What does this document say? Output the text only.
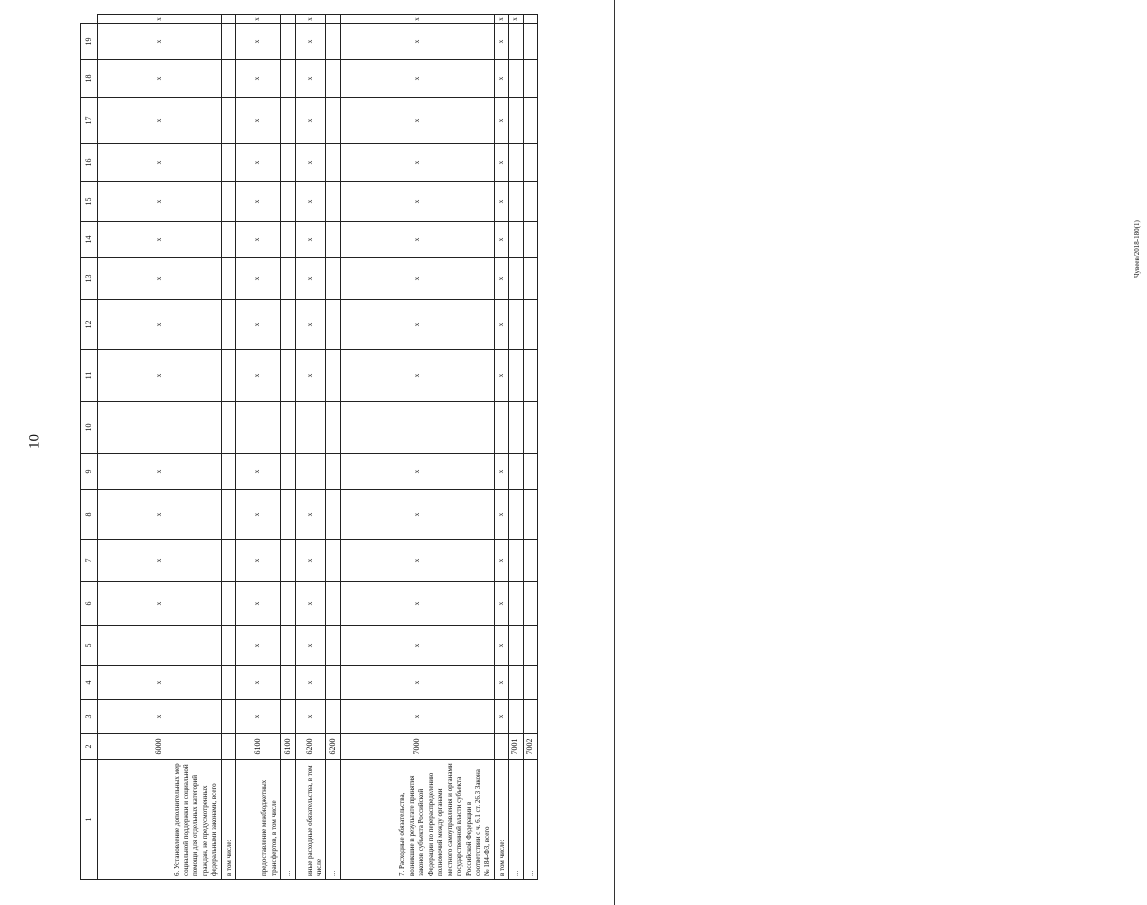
10
Чувеев/2018-180(1)
1	2	3	4	5	6	7	8	9	10	11	12	13	14	15	16	17	18	19	
6. Установление дополнительных мер социальной поддержки и социальной помощи для отдельных категорий граждан, не предусмотренных федеральными законами, всего	6000	x	x		x	x	x	x		x	x	x	x	x	x	x	x	x	x
в том числе:																			
предоставление межбюджетных трансфертов, в том числе	6100	x	x	x	x	x	x	x		x	x	x	x	x	x	x	x	x	x
...	6100																		
иные расходные обязательства, в том числе	6200	x	x	x	x	x	x			x	x	x	x	x	x	x	x	x	x
...	6200																		
7. Расходные обязательства, возникшие в результате принятия законов субъекта Российской Федерации по перераспределению полномочий между органами местного самоуправления и органами государственной власти субъекта Российской Федерации в соответствии с ч. 6.1 ст. 26.3 Закона № 184-ФЗ, всего	7000	x	x	x	x	x	x	x		x	x	x	x	x	x	x	x	x	x
в том числе:		x	x	x	x	x	x	x		x	x	x	x	x	x	x	x	x	x
...	7001																		x
...	7002																		
